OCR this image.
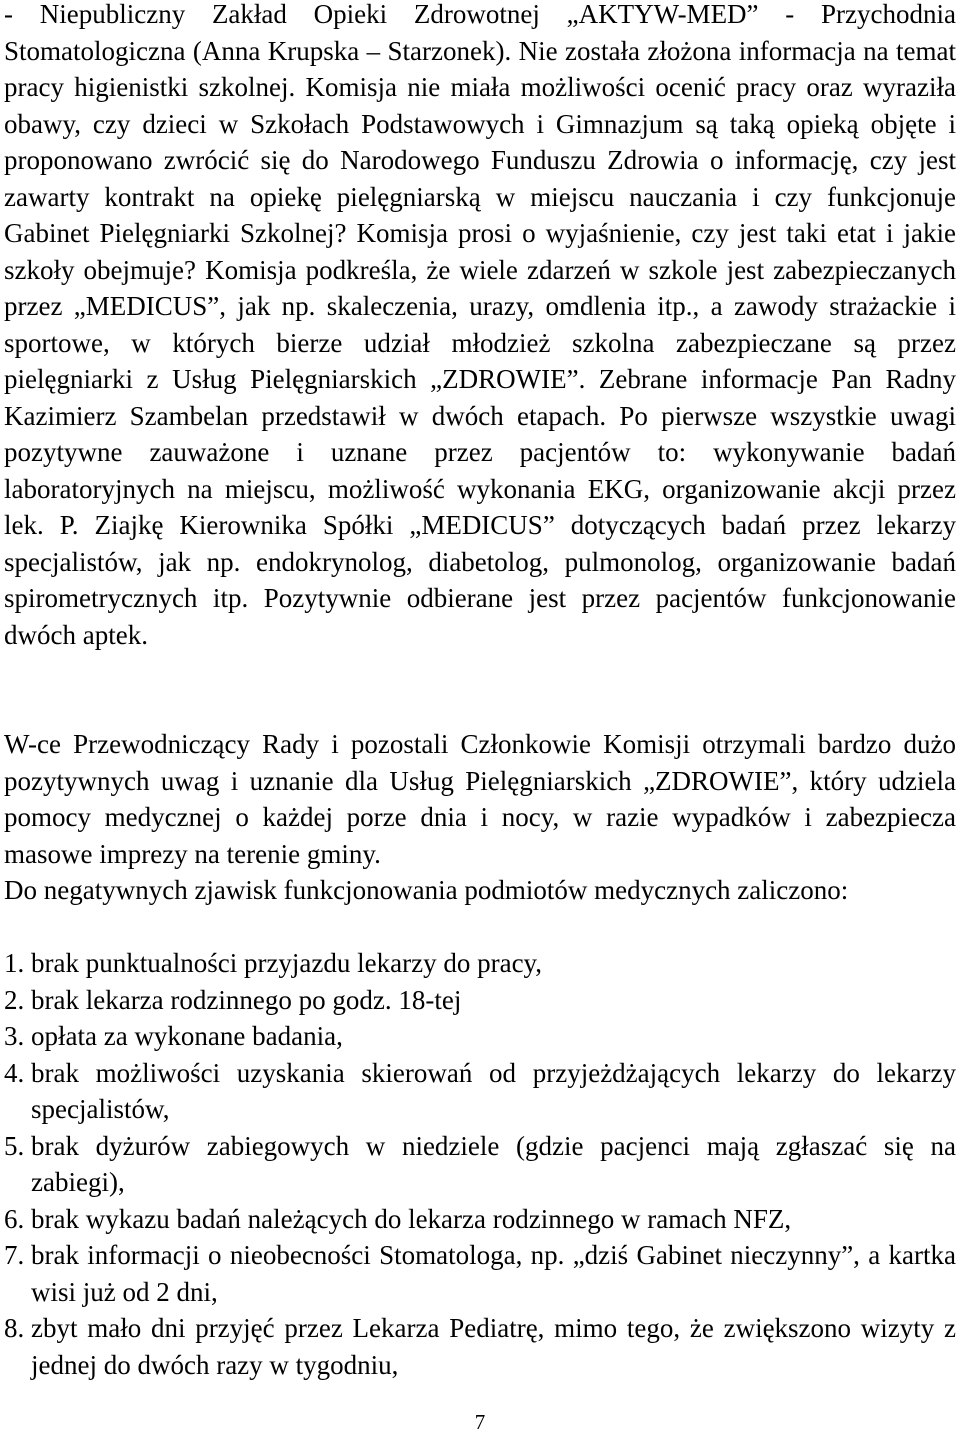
- Niepubliczny Zakład Opieki Zdrowotnej „AKTYW-MED” - Przychodnia Stomatologiczna (Anna Krupska – Starzonek). Nie została złożona informacja na temat pracy higienistki szkolnej. Komisja nie miała możliwości ocenić pracy oraz wyraziła obawy, czy dzieci w Szkołach Podstawowych i Gimnazjum są taką opieką objęte i proponowano zwrócić się do Narodowego Funduszu Zdrowia o informację, czy jest zawarty kontrakt na opiekę pielęgniarską w miejscu nauczania i czy funkcjonuje Gabinet Pielęgniarki Szkolnej? Komisja prosi o wyjaśnienie, czy jest taki etat i jakie szkoły obejmuje? Komisja podkreśla, że wiele zdarzeń w szkole jest zabezpieczanych przez „MEDICUS”, jak np. skaleczenia, urazy, omdlenia itp., a zawody strażackie i sportowe, w których bierze udział młodzież szkolna zabezpieczane są przez pielęgniarki z Usług Pielęgniarskich „ZDROWIE”. Zebrane informacje Pan Radny Kazimierz Szambelan przedstawił w dwóch etapach. Po pierwsze wszystkie uwagi pozytywne zauważone i uznane przez pacjentów to: wykonywanie badań laboratoryjnych na miejscu, możliwość wykonania EKG, organizowanie akcji przez lek. P. Ziajkę Kierownika Spółki „MEDICUS” dotyczących badań przez lekarzy specjalistów, jak np. endokrynolog, diabetolog, pulmonolog, organizowanie badań spirometrycznych itp. Pozytywnie odbierane jest przez pacjentów funkcjonowanie dwóch aptek.

W-ce Przewodniczący Rady i pozostali Członkowie Komisji otrzymali bardzo dużo pozytywnych uwag i uznanie dla Usług Pielęgniarskich „ZDROWIE”, który udziela pomocy medycznej o każdej porze dnia i nocy, w razie wypadków i zabezpiecza masowe imprezy na terenie gminy.

Do negatywnych zjawisk funkcjonowania podmiotów medycznych zaliczono:

1. brak punktualności przyjazdu lekarzy do pracy,
2. brak lekarza rodzinnego po godz. 18-tej
3. opłata za wykonane badania,
4. brak możliwości uzyskania skierowań od przyjeżdżających lekarzy do lekarzy specjalistów,
5. brak dyżurów zabiegowych w niedziele (gdzie pacjenci mają zgłaszać się na zabiegi),
6. brak wykazu badań należących do lekarza rodzinnego w ramach NFZ,
7. brak informacji o nieobecności Stomatologa, np. „dziś Gabinet nieczynny”, a kartka wisi już od 2 dni,
8. zbyt mało dni przyjęć przez Lekarza Pediatrę, mimo tego, że zwiększono wizyty z jednej do dwóch razy w tygodniu,
7
